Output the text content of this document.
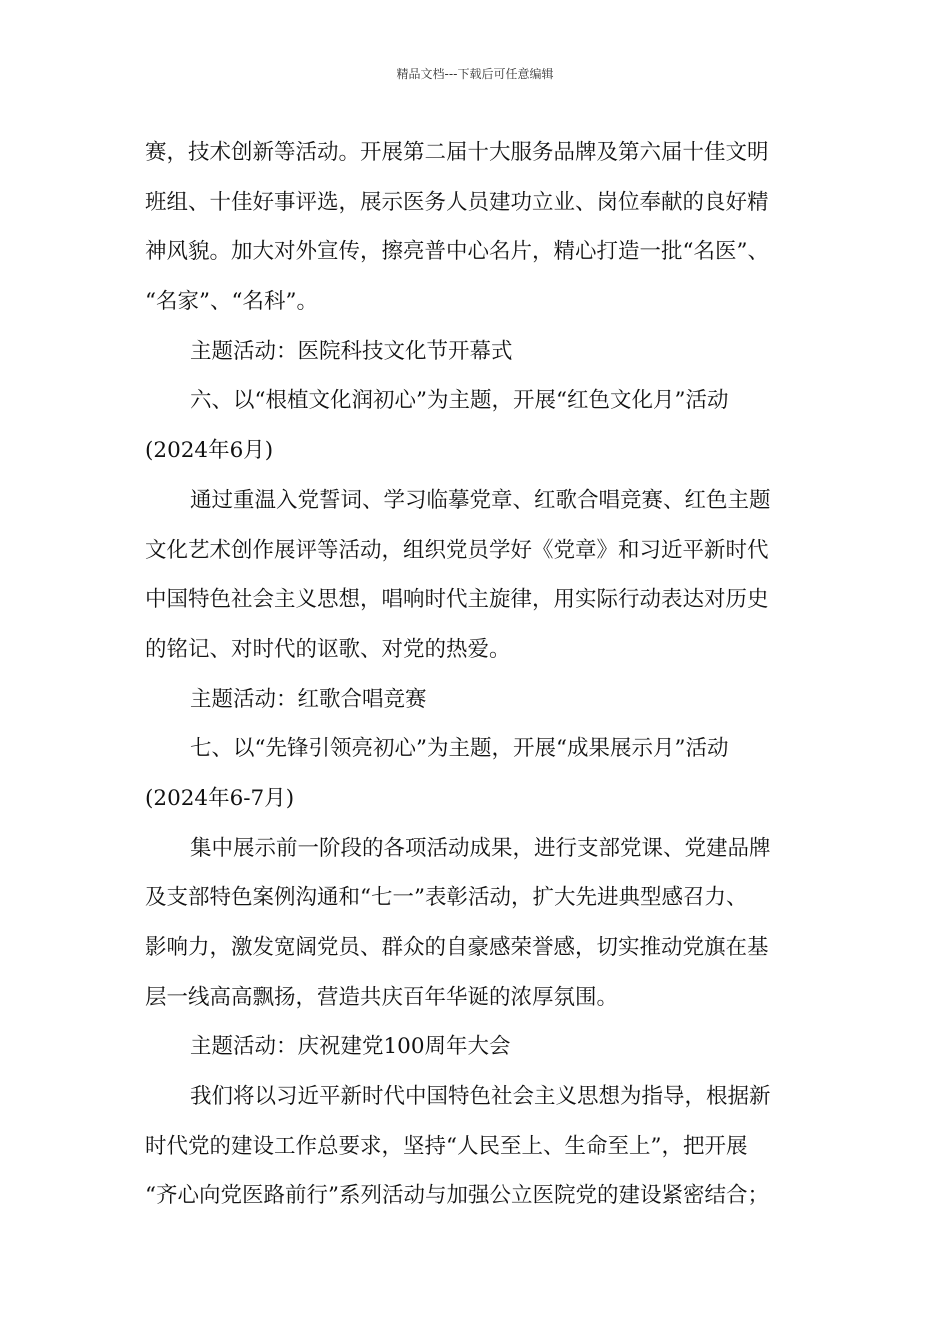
精品文档---下载后可任意编辑
赛，技术创新等活动。开展第二届十大服务品牌及第六届十佳文明
班组、十佳好事评选，展示医务人员建功立业、岗位奉献的良好精
神风貌。加大对外宣传，擦亮普中心名片，精心打造一批“名医”、
“名家”、“名科”。
主题活动：医院科技文化节开幕式
六、以“根植文化润初心”为主题，开展“红色文化月”活动
(2024年6月)
通过重温入党誓词、学习临摹党章、红歌合唱竞赛、红色主题
文化艺术创作展评等活动，组织党员学好《党章》和习近平新时代
中国特色社会主义思想，唱响时代主旋律，用实际行动表达对历史
的铭记、对时代的讴歌、对党的热爱。
主题活动：红歌合唱竞赛
七、以“先锋引领亮初心”为主题，开展“成果展示月”活动
(2024年6-7月)
集中展示前一阶段的各项活动成果，进行支部党课、党建品牌
及支部特色案例沟通和“七一”表彰活动，扩大先进典型感召力、
影响力，激发宽阔党员、群众的自豪感荣誉感，切实推动党旗在基
层一线高高飘扬，营造共庆百年华诞的浓厚氛围。
主题活动：庆祝建党100周年大会
我们将以习近平新时代中国特色社会主义思想为指导，根据新
时代党的建设工作总要求，坚持“人民至上、生命至上”，把开展
“齐心向党医路前行”系列活动与加强公立医院党的建设紧密结合；
